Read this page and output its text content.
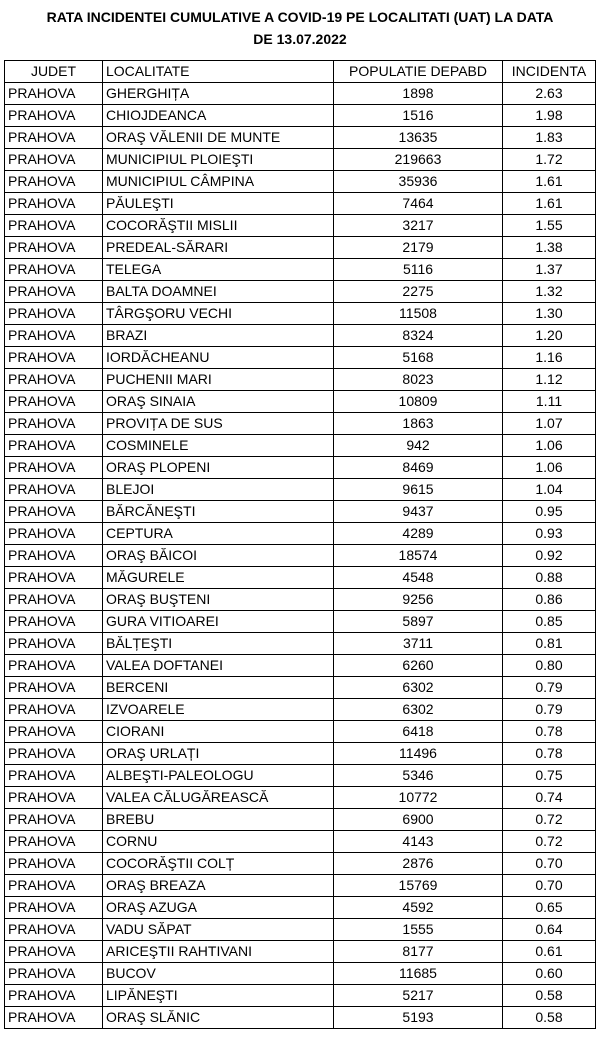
RATA INCIDENTEI CUMULATIVE A COVID-19 PE LOCALITATI (UAT) LA DATA
DE 13.07.2022
JUDET	LOCALITATE	POPULATIE DEPABD	INCIDENTA
PRAHOVA	GHERGHIȚA	1898	2.63
PRAHOVA	CHIOJDEANCA	1516	1.98
PRAHOVA	ORAŞ VĂLENII DE MUNTE	13635	1.83
PRAHOVA	MUNICIPIUL PLOIEŞTI	219663	1.72
PRAHOVA	MUNICIPIUL CÂMPINA	35936	1.61
PRAHOVA	PĂULEŞTI	7464	1.61
PRAHOVA	COCORĂŞTII MISLII	3217	1.55
PRAHOVA	PREDEAL-SĂRARI	2179	1.38
PRAHOVA	TELEGA	5116	1.37
PRAHOVA	BALTA DOAMNEI	2275	1.32
PRAHOVA	TÂRGŞORU VECHI	11508	1.30
PRAHOVA	BRAZI	8324	1.20
PRAHOVA	IORDĂCHEANU	5168	1.16
PRAHOVA	PUCHENII MARI	8023	1.12
PRAHOVA	ORAŞ SINAIA	10809	1.11
PRAHOVA	PROVIȚA DE SUS	1863	1.07
PRAHOVA	COSMINELE	942	1.06
PRAHOVA	ORAŞ PLOPENI	8469	1.06
PRAHOVA	BLEJOI	9615	1.04
PRAHOVA	BĂRCĂNEŞTI	9437	0.95
PRAHOVA	CEPTURA	4289	0.93
PRAHOVA	ORAŞ BĂICOI	18574	0.92
PRAHOVA	MĂGURELE	4548	0.88
PRAHOVA	ORAŞ BUŞTENI	9256	0.86
PRAHOVA	GURA VITIOAREI	5897	0.85
PRAHOVA	BĂLȚEŞTI	3711	0.81
PRAHOVA	VALEA DOFTANEI	6260	0.80
PRAHOVA	BERCENI	6302	0.79
PRAHOVA	IZVOARELE	6302	0.79
PRAHOVA	CIORANI	6418	0.78
PRAHOVA	ORAŞ URLAȚI	11496	0.78
PRAHOVA	ALBEŞTI-PALEOLOGU	5346	0.75
PRAHOVA	VALEA CĂLUGĂREASCĂ	10772	0.74
PRAHOVA	BREBU	6900	0.72
PRAHOVA	CORNU	4143	0.72
PRAHOVA	COCORĂŞTII COLȚ	2876	0.70
PRAHOVA	ORAŞ BREAZA	15769	0.70
PRAHOVA	ORAŞ AZUGA	4592	0.65
PRAHOVA	VADU SĂPAT	1555	0.64
PRAHOVA	ARICEŞTII RAHTIVANI	8177	0.61
PRAHOVA	BUCOV	11685	0.60
PRAHOVA	LIPĂNEŞTI	5217	0.58
PRAHOVA	ORAŞ SLĂNIC	5193	0.58
